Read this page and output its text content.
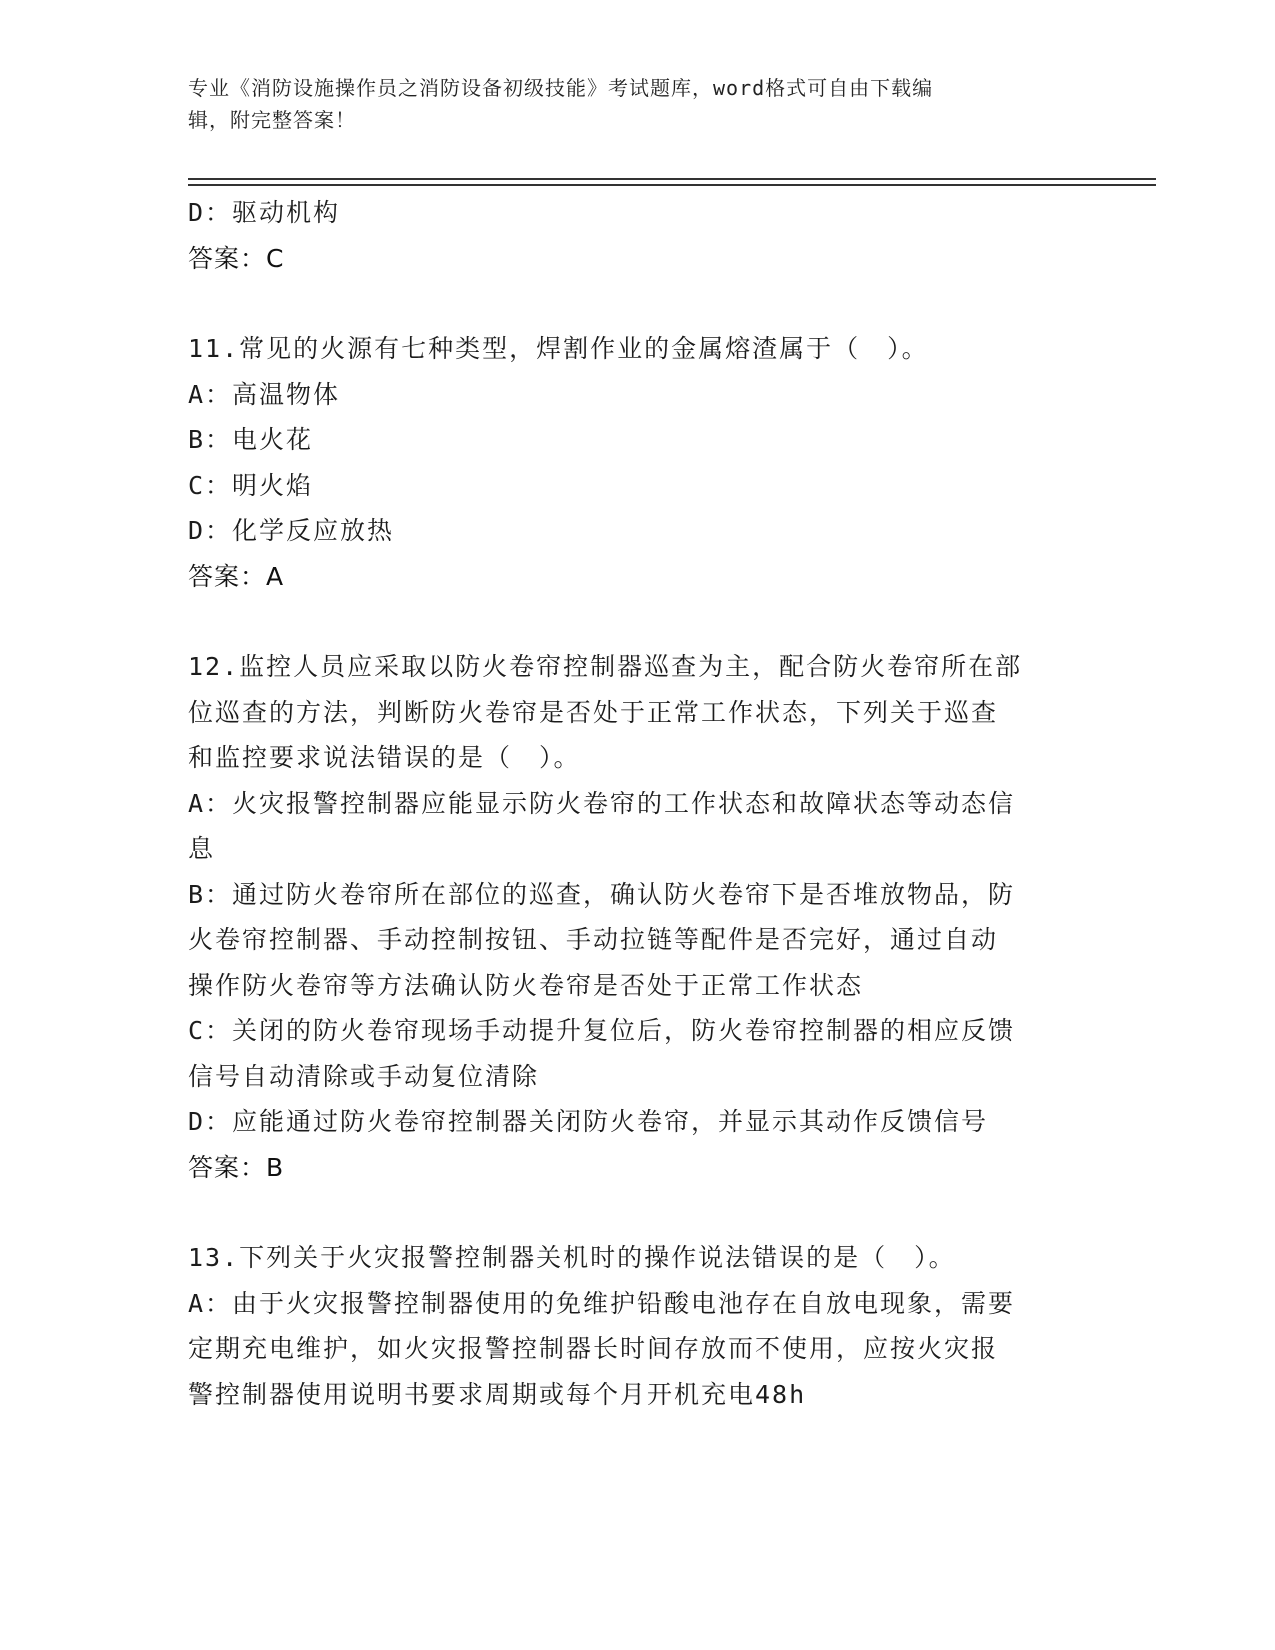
专业《消防设施操作员之消防设备初级技能》考试题库，word格式可自由下载编
辑，附完整答案！
D：驱动机构
答案：C
11.常见的火源有七种类型，焊割作业的金属熔渣属于（　）。
A：高温物体
B：电火花
C：明火焰
D：化学反应放热
答案：A
12.监控人员应采取以防火卷帘控制器巡查为主，配合防火卷帘所在部
位巡查的方法，判断防火卷帘是否处于正常工作状态，下列关于巡查
和监控要求说法错误的是（　）。
A：火灾报警控制器应能显示防火卷帘的工作状态和故障状态等动态信
息
B：通过防火卷帘所在部位的巡查，确认防火卷帘下是否堆放物品，防
火卷帘控制器、手动控制按钮、手动拉链等配件是否完好，通过自动
操作防火卷帘等方法确认防火卷帘是否处于正常工作状态
C：关闭的防火卷帘现场手动提升复位后，防火卷帘控制器的相应反馈
信号自动清除或手动复位清除
D：应能通过防火卷帘控制器关闭防火卷帘，并显示其动作反馈信号
答案：B
13.下列关于火灾报警控制器关机时的操作说法错误的是（　）。
A：由于火灾报警控制器使用的免维护铅酸电池存在自放电现象，需要
定期充电维护，如火灾报警控制器长时间存放而不使用，应按火灾报
警控制器使用说明书要求周期或每个月开机充电48h
